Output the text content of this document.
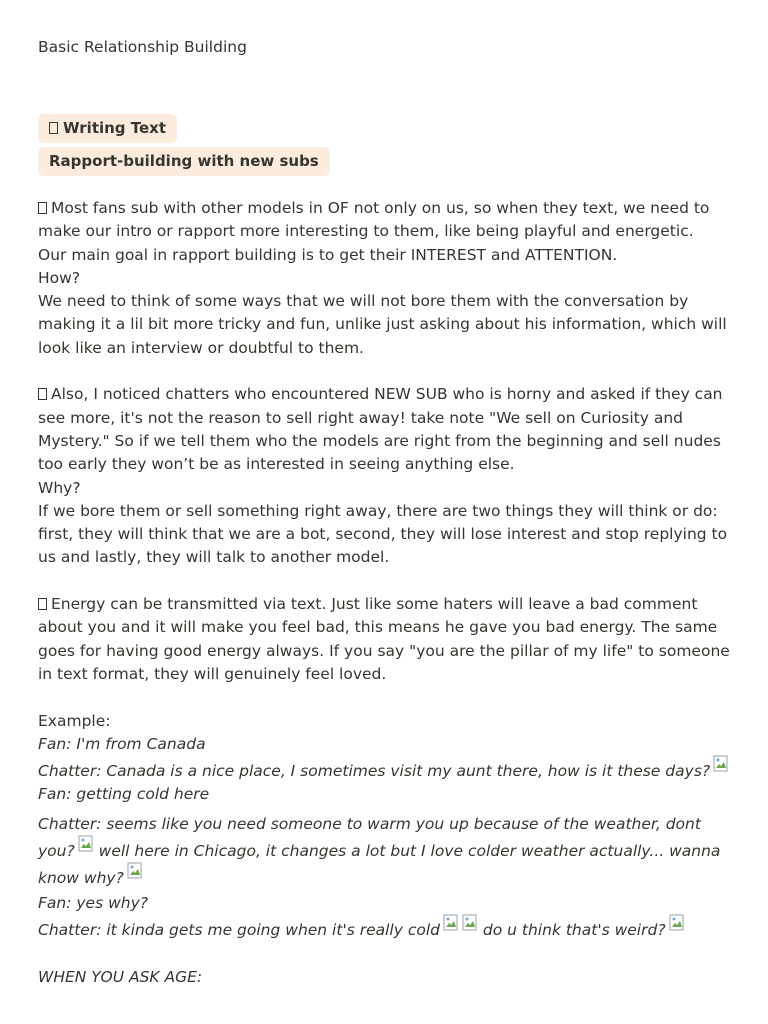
Basic Relationship Building
Writing Text
Rapport-building with new subs

Most fans sub with other models in OF not only on us, so when they text, we need to make our intro or rapport more interesting to them, like being playful and energetic.

Our main goal in rapport building is to get their INTEREST and ATTENTION.

How?

We need to think of some ways that we will not bore them with the conversation by making it a lil bit more tricky and fun, unlike just asking about his information, which will look like an interview or doubtful to them.

Also, I noticed chatters who encountered NEW SUB who is horny and asked if they can see more, it's not the reason to sell right away! take note "We sell on Curiosity and Mystery." So if we tell them who the models are right from the beginning and sell nudes too early they won’t be as interested in seeing anything else.

Why?

If we bore them or sell something right away, there are two things they will think or do: first, they will think that we are a bot, second, they will lose interest and stop replying to us and lastly, they will talk to another model.

Energy can be transmitted via text. Just like some haters will leave a bad comment about you and it will make you feel bad, this means he gave you bad energy. The same goes for having good energy always. If you say "you are the pillar of my life" to someone in text format, they will genuinely feel loved.

Example:

Fan: I'm from Canada

Chatter: Canada is a nice place, I sometimes visit my aunt there, how is it these days?

Fan: getting cold here

Chatter: seems like you need someone to warm you up because of the weather, dont you?
well here in Chicago, it changes a lot but I love colder weather actually... wanna know why?

Fan: yes why?

Chatter: it kinda gets me going when it's really cold
do u think that's weird?

WHEN YOU ASK AGE:
